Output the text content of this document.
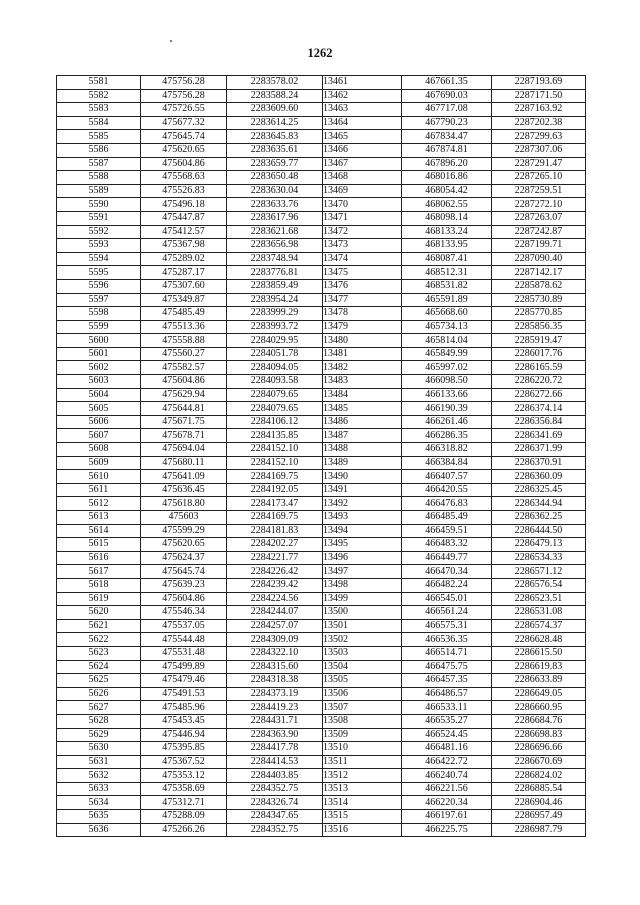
1262
5581	475756.28	2283578.02	13461	467661.35	2287193.69
5582	475756.28	2283588.24	13462	467690.03	2287171.50
5583	475726.55	2283609.60	13463	467717.08	2287163.92
5584	475677.32	2283614.25	13464	467790.23	2287202.38
5585	475645.74	2283645.83	13465	467834.47	2287299.63
5586	475620.65	2283635.61	13466	467874.81	2287307.06
5587	475604.86	2283659.77	13467	467896.20	2287291.47
5588	475568.63	2283650.48	13468	468016.86	2287265.10
5589	475526.83	2283630.04	13469	468054.42	2287259.51
5590	475496.18	2283633.76	13470	468062.55	2287272.10
5591	475447.87	2283617.96	13471	468098.14	2287263.07
5592	475412.57	2283621.68	13472	468133.24	2287242.87
5593	475367.98	2283656.98	13473	468133.95	2287199.71
5594	475289.02	2283748.94	13474	468087.41	2287090.40
5595	475287.17	2283776.81	13475	468512.31	2287142.17
5596	475307.60	2283859.49	13476	468531.82	2285878.62
5597	475349.87	2283954.24	13477	465591.89	2285730.89
5598	475485.49	2283999.29	13478	465668.60	2285770.85
5599	475513.36	2283993.72	13479	465734.13	2285856.35
5600	475558.88	2284029.95	13480	465814.04	2285919.47
5601	475560.27	2284051.78	13481	465849.99	2286017.76
5602	475582.57	2284094.05	13482	465997.02	2286165.59
5603	475604.86	2284093.58	13483	466098.50	2286220.72
5604	475629.94	2284079.65	13484	466133.66	2286272.66
5605	475644.81	2284079.65	13485	466190.39	2286374.14
5606	475671.75	2284106.12	13486	466261.46	2286356.84
5607	475678.71	2284135.85	13487	466286.35	2286341.69
5608	475694.04	2284152.10	13488	466318.82	2286371.99
5609	475680.11	2284152.10	13489	466384.84	2286370.91
5610	475641.09	2284169.75	13490	466407.57	2286360.09
5611	475636.45	2284192.05	13491	466420.55	2286325.45
5612	475618.80	2284173.47	13492	466476.83	2286344.94
5613	475603	2284169.75	13493	466485.49	2286362.25
5614	475599.29	2284181.83	13494	466459.51	2286444.50
5615	475620.65	2284202.27	13495	466483.32	2286479.13
5616	475624.37	2284221.77	13496	466449.77	2286534.33
5617	475645.74	2284226.42	13497	466470.34	2286571.12
5618	475639.23	2284239.42	13498	466482.24	2286576.54
5619	475604.86	2284224.56	13499	466545.01	2286523.51
5620	475546.34	2284244.07	13500	466561.24	2286531.08
5621	475537.05	2284257.07	13501	466575.31	2286574.37
5622	475544.48	2284309.09	13502	466536.35	2286628.48
5623	475531.48	2284322.10	13503	466514.71	2286615.50
5624	475499.89	2284315.60	13504	466475.75	2286619.83
5625	475479.46	2284318.38	13505	466457.35	2286633.89
5626	475491.53	2284373.19	13506	466486.57	2286649.05
5627	475485.96	2284419.23	13507	466533.11	2286660.95
5628	475453.45	2284431.71	13508	466535.27	2286684.76
5629	475446.94	2284363.90	13509	466524.45	2286698.83
5630	475395.85	2284417.78	13510	466481.16	2286696.66
5631	475367.52	2284414.53	13511	466422.72	2286670.69
5632	475353.12	2284403.85	13512	466240.74	2286824.02
5633	475358.69	2284352.75	13513	466221.56	2286885.54
5634	475312.71	2284326.74	13514	466220.34	2286904.46
5635	475288.09	2284347.65	13515	466197.61	2286957.49
5636	475266.26	2284352.75	13516	466225.75	2286987.79
